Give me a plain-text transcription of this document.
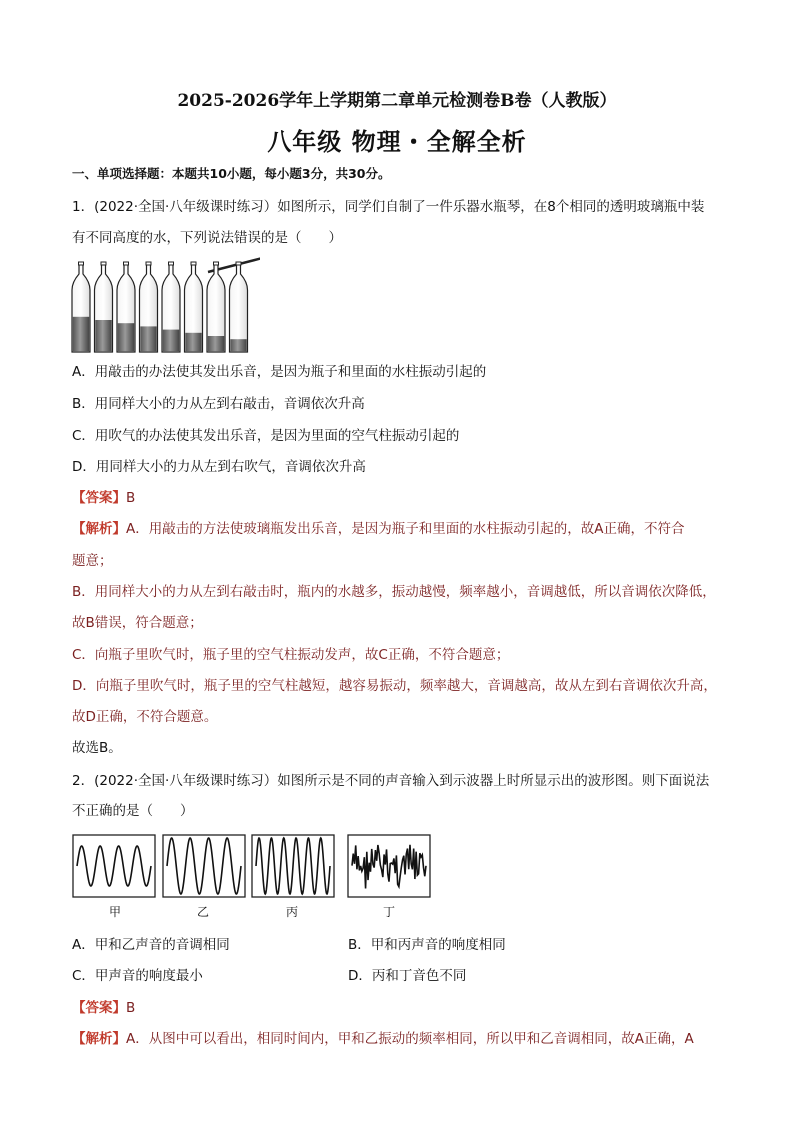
2025-2026学年上学期第二章单元检测卷B卷（人教版）
八年级 物理・全解全析
一、单项选择题：本题共10小题，每小题3分，共30分。
1．(2022·全国·八年级课时练习）如图所示，同学们自制了一件乐器水瓶琴，在8个相同的透明玻璃瓶中装
有不同高度的水，下列说法错误的是（　　）
A．用敲击的办法使其发出乐音，是因为瓶子和里面的水柱振动引起的
B．用同样大小的力从左到右敲击，音调依次升高
C．用吹气的办法使其发出乐音，是因为里面的空气柱振动引起的
D．用同样大小的力从左到右吹气，音调依次升高
【答案】B
【解析】A．用敲击的方法使玻璃瓶发出乐音，是因为瓶子和里面的水柱振动引起的，故A正确，不符合
题意；
B．用同样大小的力从左到右敲击时，瓶内的水越多，振动越慢，频率越小，音调越低，所以音调依次降低，
故B错误，符合题意；
C．向瓶子里吹气时，瓶子里的空气柱振动发声，故C正确，不符合题意；
D．向瓶子里吹气时，瓶子里的空气柱越短，越容易振动，频率越大，音调越高，故从左到右音调依次升高，
故D正确，不符合题意。
故选B。
2．(2022·全国·八年级课时练习）如图所示是不同的声音输入到示波器上时所显示出的波形图。则下面说法
不正确的是（　　）
甲	乙	丙	丁
A．甲和乙声音的音调相同	B．甲和丙声音的响度相同
C．甲声音的响度最小	D．丙和丁音色不同
【答案】B
【解析】A．从图中可以看出，相同时间内，甲和乙振动的频率相同，所以甲和乙音调相同，故A正确，A
